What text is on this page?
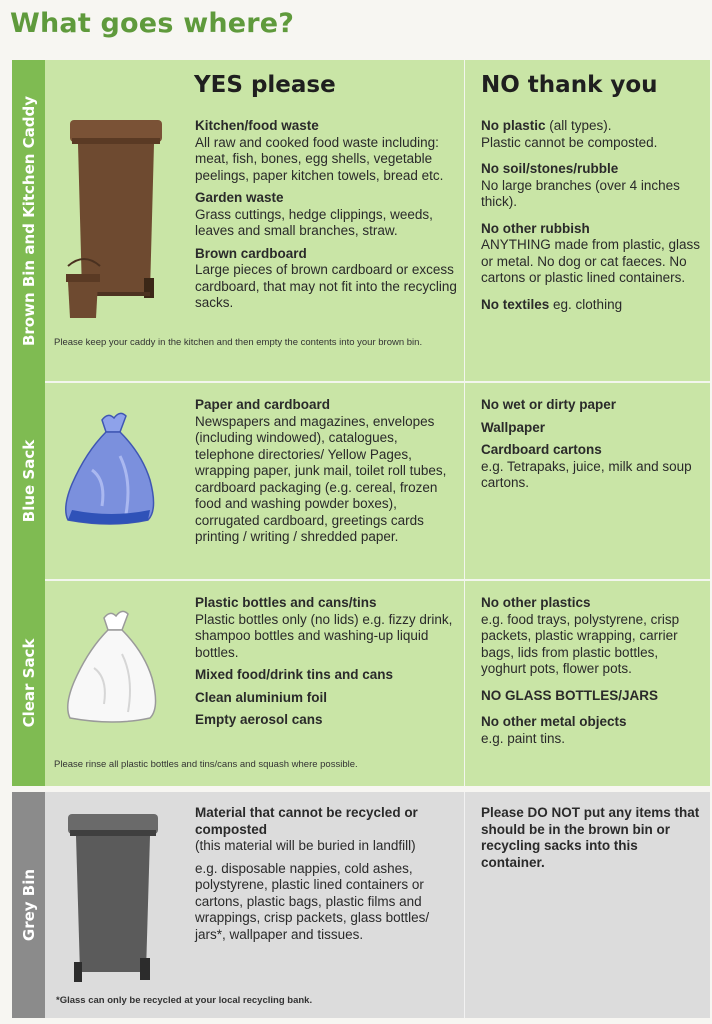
What goes where?
Brown Bin and Kitchen Caddy
Blue Sack
Clear Sack
YES please	NO thank you
Kitchen/food waste
All raw and cooked food waste including: meat, fish, bones, egg shells, vegetable peelings, paper kitchen towels, bread etc.
Garden waste
Grass cuttings, hedge clippings, weeds, leaves and small branches, straw.
Brown cardboard
Large pieces of brown cardboard or excess cardboard, that may not fit into the recycling sacks.
Please keep your caddy in the kitchen and then empty the contents into your brown bin.
No plastic (all types).
Plastic cannot be composted.
No soil/stones/rubble
No large branches (over 4 inches thick).
No other rubbish
ANYTHING made from plastic, glass or metal. No dog or cat faeces. No cartons or plastic lined containers.
No textiles eg. clothing
Paper and cardboard
Newspapers and magazines, envelopes (including windowed), catalogues, telephone directories/ Yellow Pages, wrapping paper, junk mail, toilet roll tubes, cardboard packaging (e.g. cereal, frozen food and washing powder boxes), corrugated cardboard, greetings cards printing / writing / shredded paper.
No wet or dirty paper
Wallpaper
Cardboard cartons
e.g. Tetrapaks, juice, milk and soup cartons.
Plastic bottles and cans/tins
Plastic bottles only (no lids) e.g. fizzy drink, shampoo bottles and washing-up liquid bottles.
Mixed food/drink tins and cans
Clean aluminium foil
Empty aerosol cans
Please rinse all plastic bottles and tins/cans and squash where possible.
No other plastics
e.g. food trays, polystyrene, crisp packets, plastic wrapping, carrier bags, lids from plastic bottles, yoghurt pots, flower pots.
NO GLASS BOTTLES/JARS
No other metal objects
e.g. paint tins.
Grey Bin
Material that cannot be recycled or composted
(this material will be buried in landfill)
e.g. disposable nappies, cold ashes, polystyrene, plastic lined containers or cartons, plastic bags, plastic films and wrappings, crisp packets, glass bottles/ jars*, wallpaper and tissues.
*Glass can only be recycled at your local recycling bank.
Please DO NOT put any items that should be in the brown bin or recycling sacks into this container.
